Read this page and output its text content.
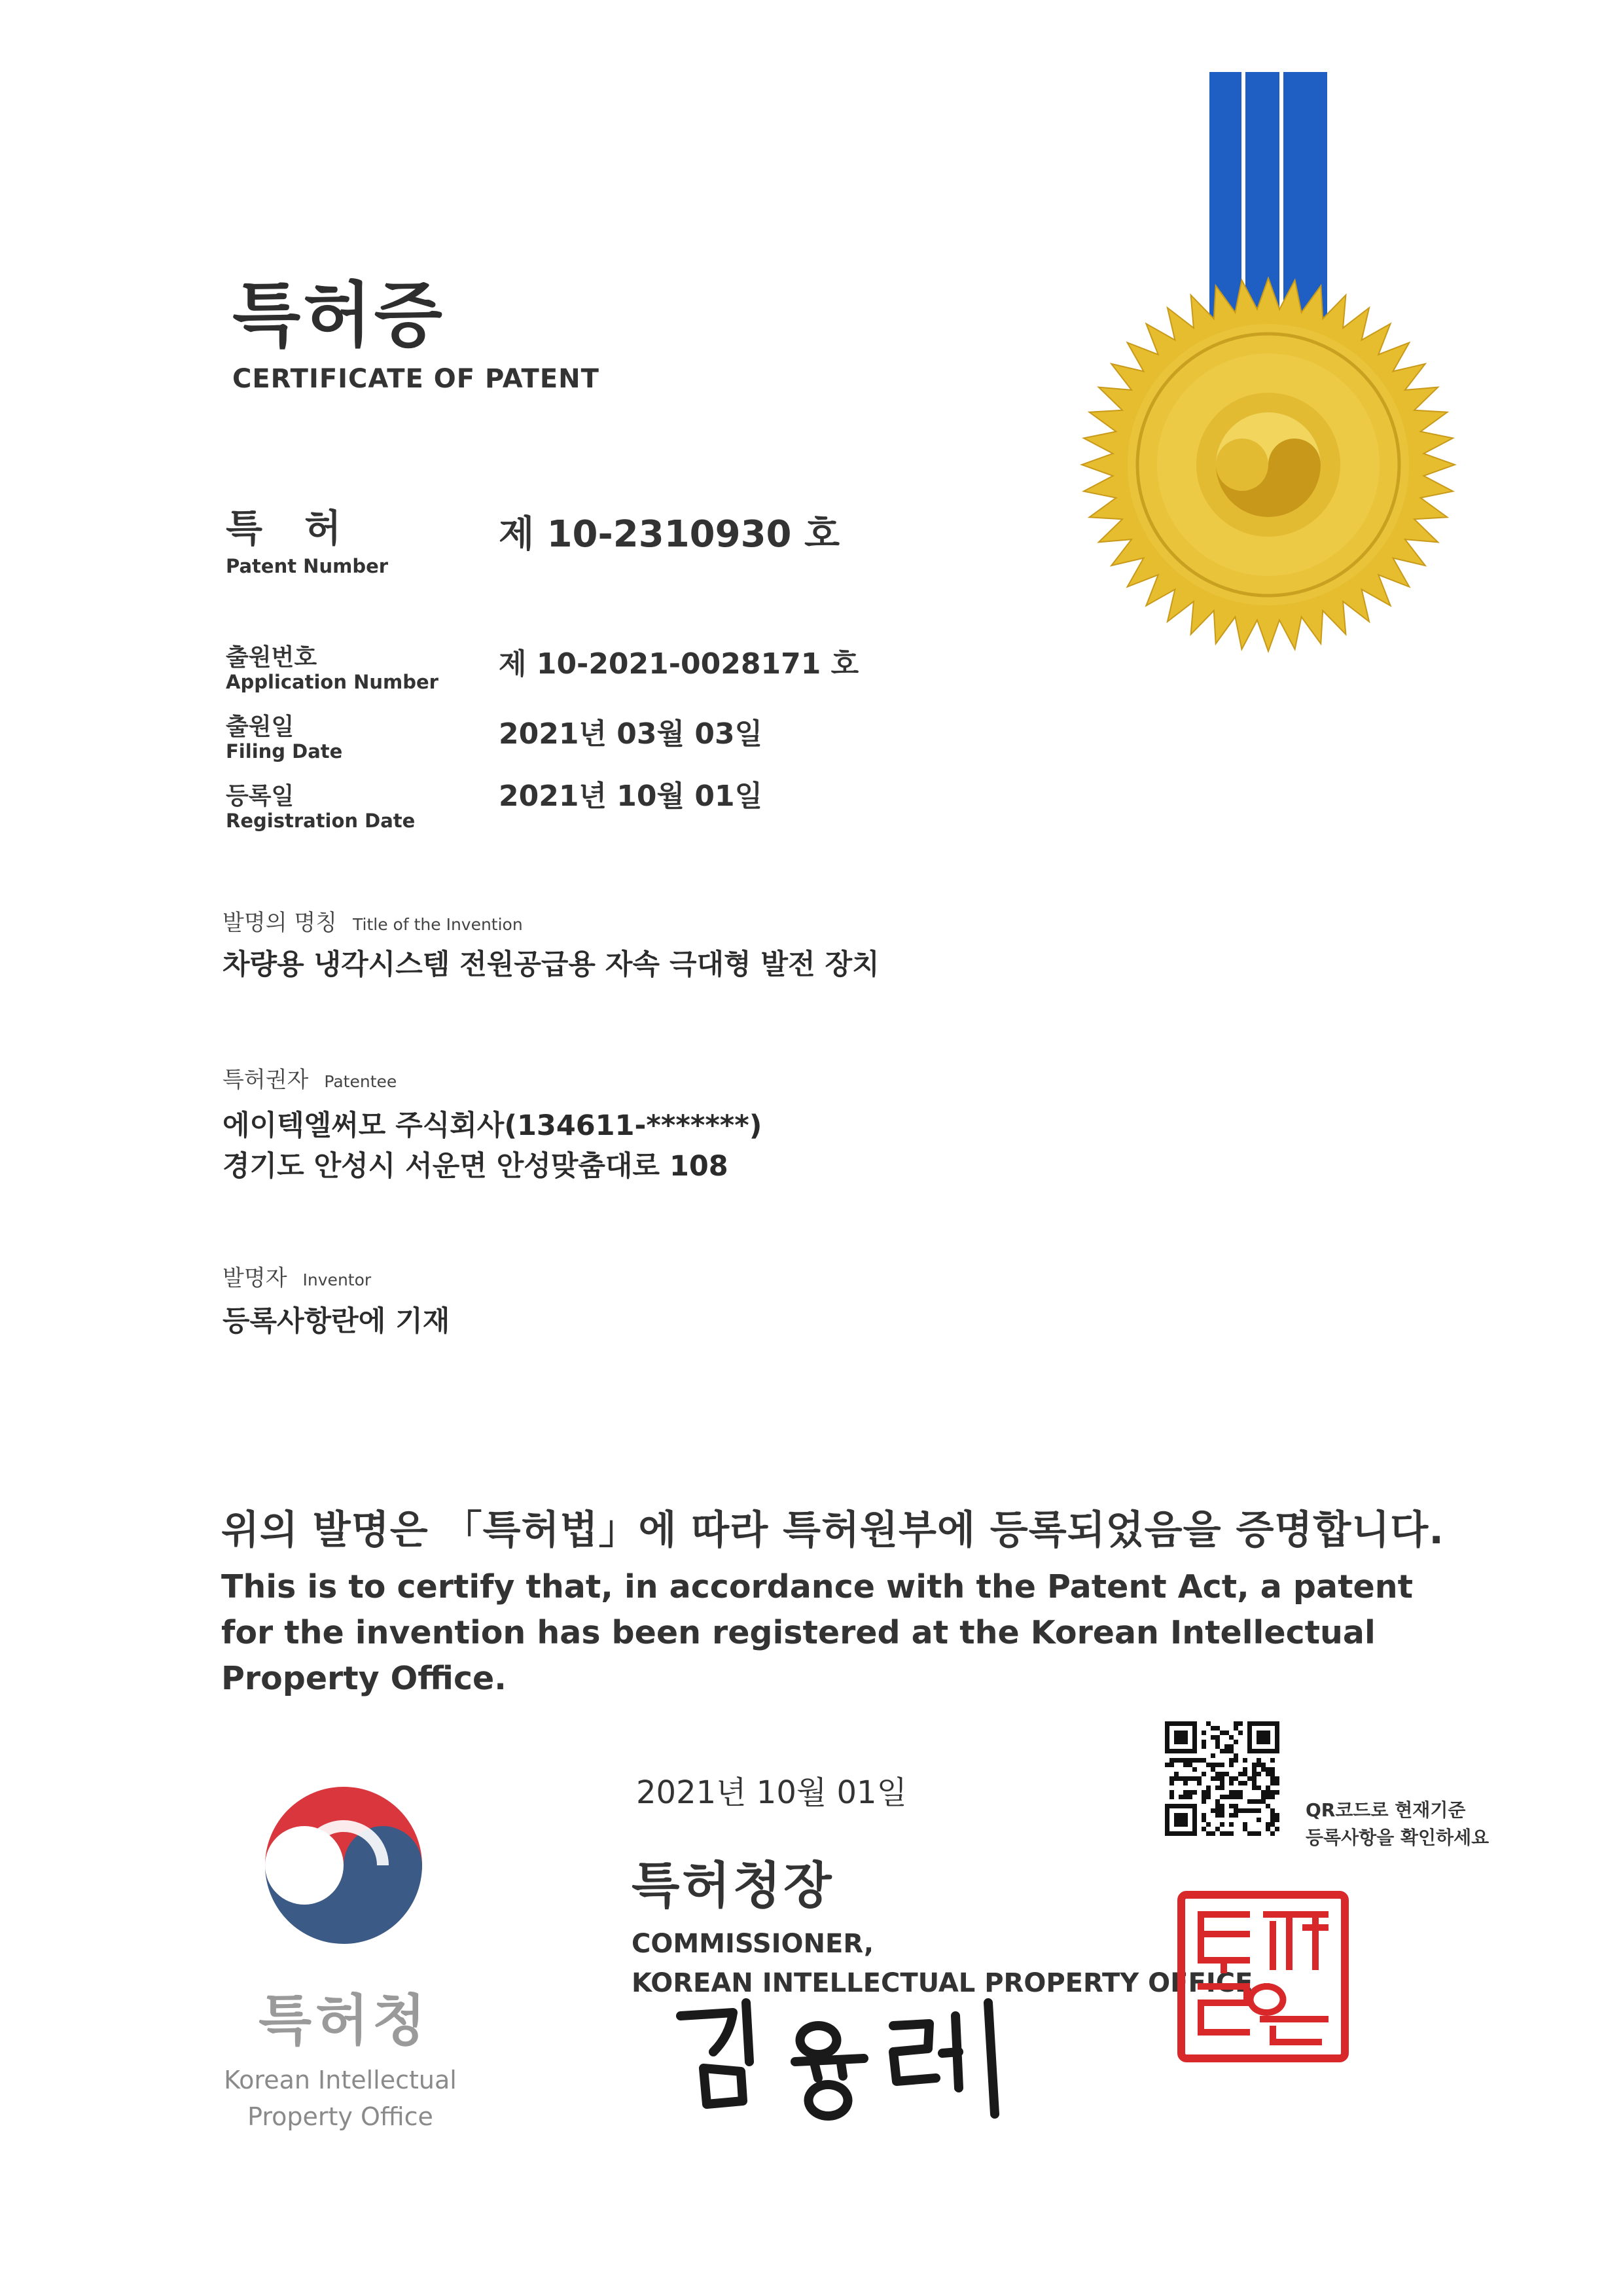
특허증
CERTIFICATE OF PATENT
특 허
Patent Number
제 10-2310930 호
출원번호
Application Number
제 10-2021-0028171 호
출원일
Filing Date
2021년 03월 03일
등록일
Registration Date
2021년 10월 01일
발명의 명칭 Title of the Invention
차량용 냉각시스템 전원공급용 자속 극대형 발전 장치
특허권자 Patentee
에이텍엘써모 주식회사(134611-*******)
경기도 안성시 서운면 안성맞춤대로 108
발명자 Inventor
등록사항란에 기재
위의 발명은 「특허법」에 따라 특허원부에 등록되었음을 증명합니다.
This is to certify that, in accordance with the Patent Act, a patent for the invention has been registered at the Korean Intellectual Property Office.
특허청
Korean Intellectual
Property Office
2021년 10월 01일
특허청장
COMMISSIONER,
KOREAN INTELLECTUAL PROPERTY OFFICE
QR코드로 현재기준
등록사항을 확인하세요
